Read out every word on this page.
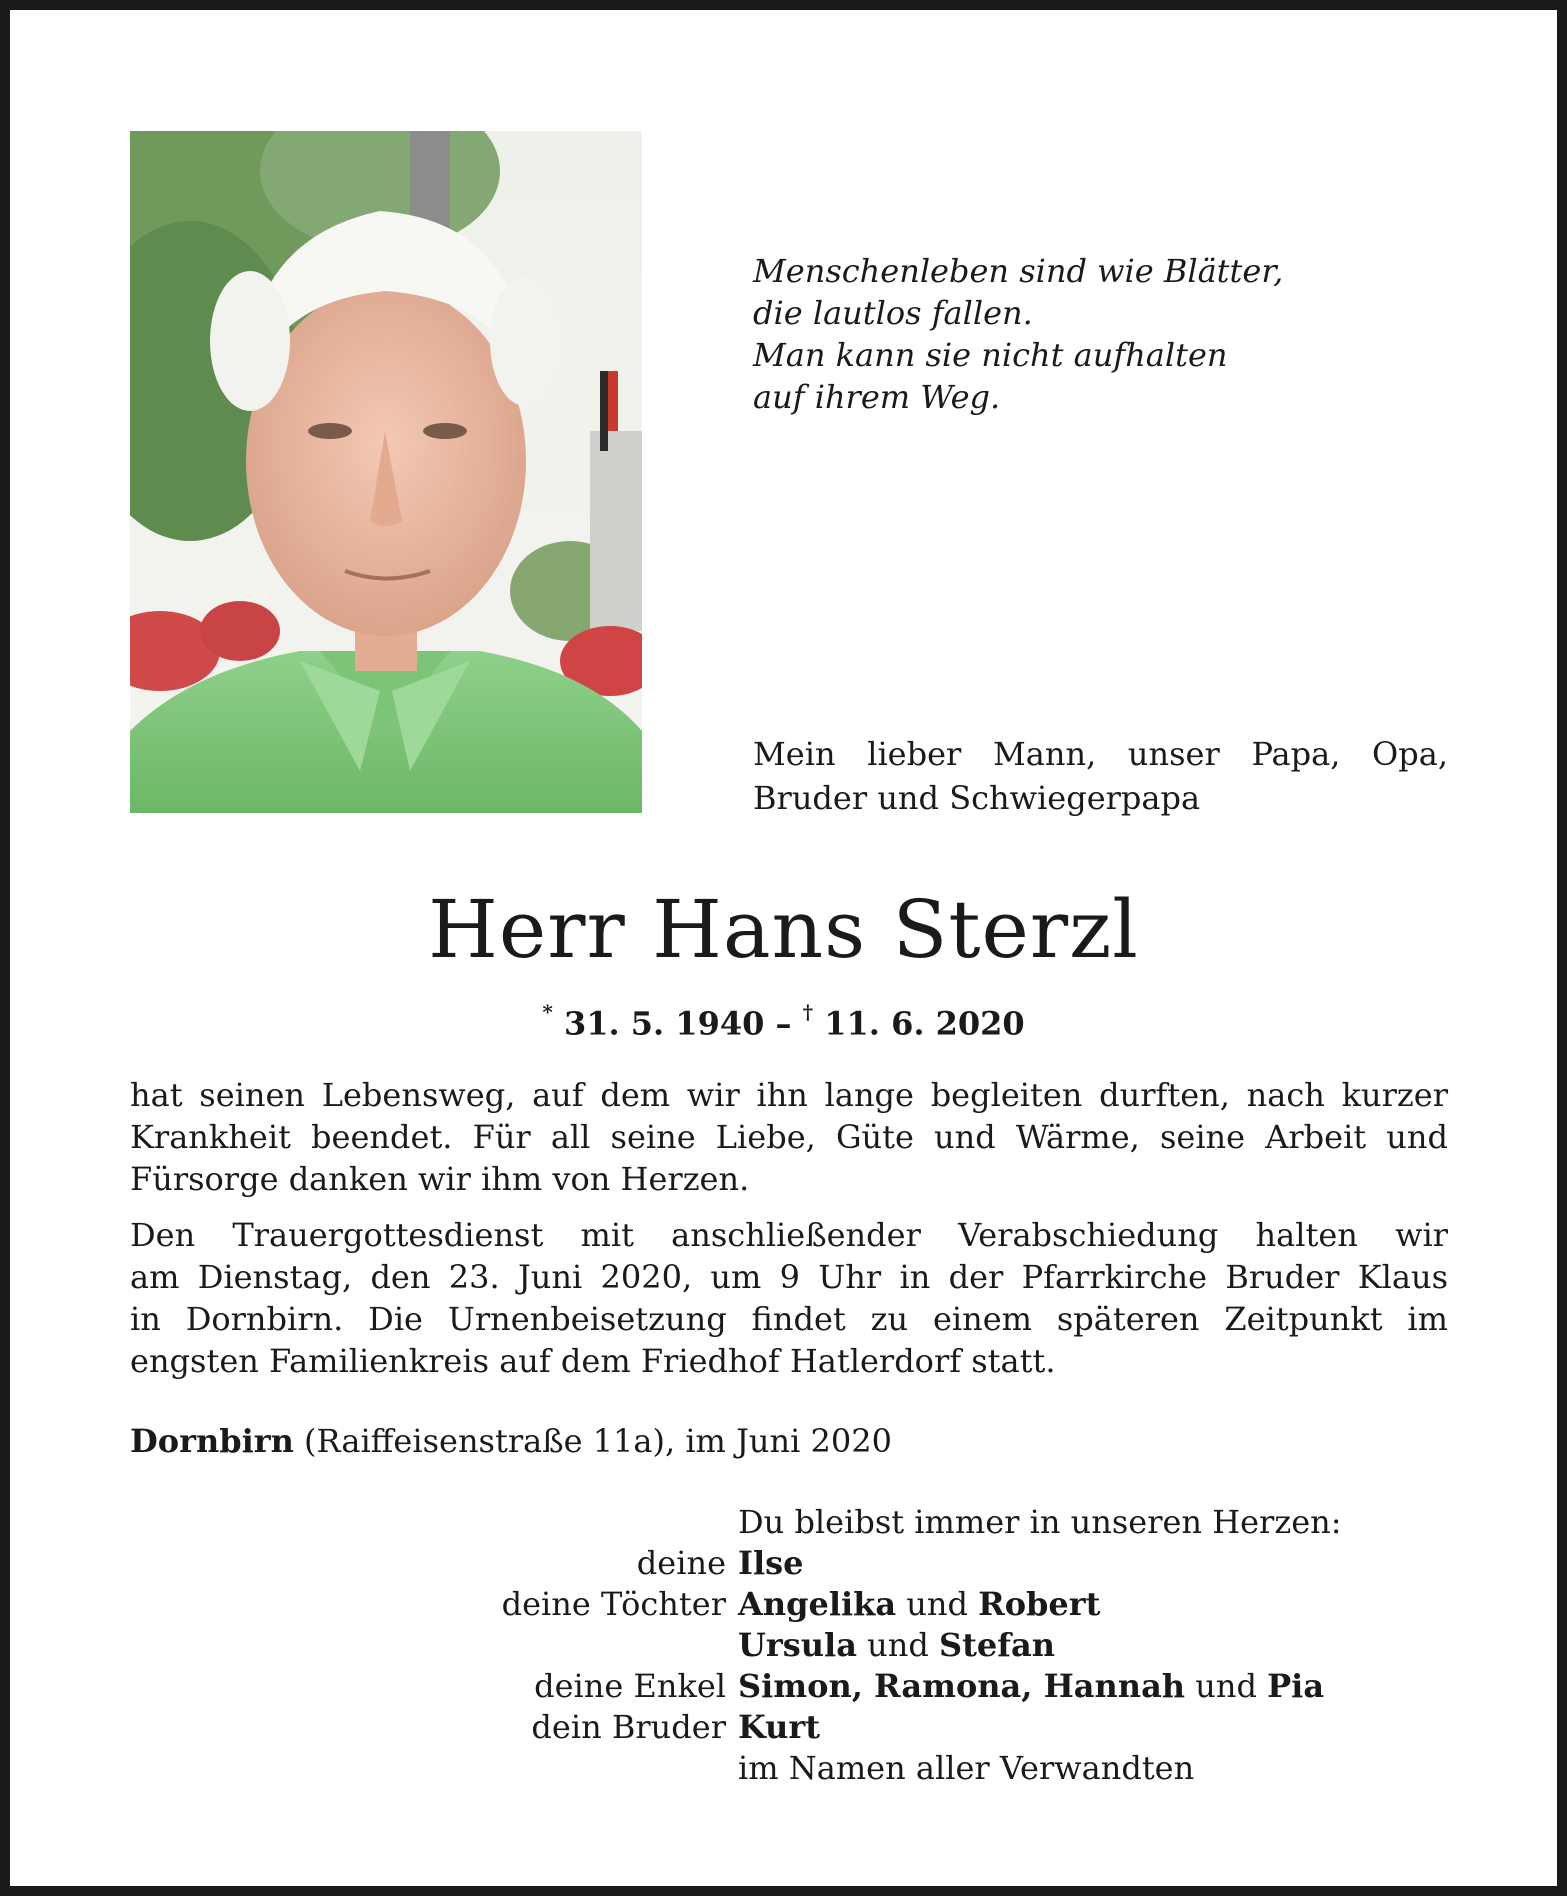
Menschenleben sind wie Blätter,
die lautlos fallen.
Man kann sie nicht aufhalten
auf ihrem Weg.
Mein lieber Mann, unser Papa, Opa,
Bruder und Schwiegerpapa
Herr Hans Sterzl
* 31. 5. 1940 – † 11. 6. 2020
hat seinen Lebensweg, auf dem wir ihn lange begleiten durften, nach kurzer
Krankheit beendet. Für all seine Liebe, Güte und Wärme, seine Arbeit und
Fürsorge danken wir ihm von Herzen.
Den Trauergottesdienst mit anschließender Verabschiedung halten wir
am Dienstag, den 23. Juni 2020, um 9 Uhr in der Pfarrkirche Bruder Klaus
in Dornbirn. Die Urnenbeisetzung findet zu einem späteren Zeitpunkt im
engsten Familienkreis auf dem Friedhof Hatlerdorf statt.
Dornbirn (Raiffeisenstraße 11a), im Juni 2020
Du bleibst immer in unseren Herzen:
deine Ilse
deine Töchter Angelika und Robert
Ursula und Stefan
deine Enkel Simon, Ramona, Hannah und Pia
dein Bruder Kurt
im Namen aller Verwandten
